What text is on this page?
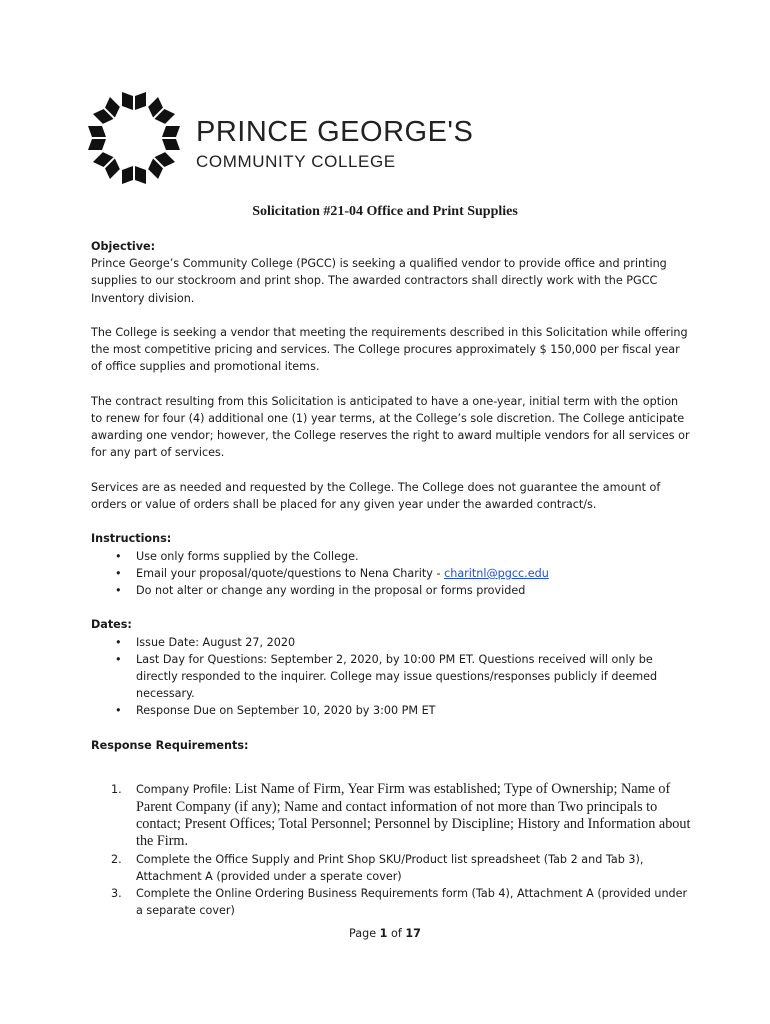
PRINCE GEORGE'S
COMMUNITY COLLEGE
Solicitation #21-04 Office and Print Supplies

Objective:

Prince George’s Community College (PGCC) is seeking a qualified vendor to provide office and printing supplies to our stockroom and print shop. The awarded contractors shall directly work with the PGCC Inventory division.

The College is seeking a vendor that meeting the requirements described in this Solicitation while offering the most competitive pricing and services. The College procures approximately $ 150,000 per fiscal year of office supplies and promotional items.

The contract resulting from this Solicitation is anticipated to have a one-year, initial term with the option to renew for four (4) additional one (1) year terms, at the College’s sole discretion. The College anticipate awarding one vendor; however, the College reserves the right to award multiple vendors for all services or for any part of services.

Services are as needed and requested by the College. The College does not guarantee the amount of orders or value of orders shall be placed for any given year under the awarded contract/s.

Instructions:

• Use only forms supplied by the College.
• Email your proposal/quote/questions to Nena Charity - charitnl@pgcc.edu
• Do not alter or change any wording in the proposal or forms provided

Dates:

• Issue Date: August 27, 2020
• Last Day for Questions: September 2, 2020, by 10:00 PM ET. Questions received will only be directly responded to the inquirer. College may issue questions/responses publicly if deemed necessary.
• Response Due on September 10, 2020 by 3:00 PM ET

Response Requirements:

1. Company Profile: List Name of Firm, Year Firm was established; Type of Ownership; Name of Parent Company (if any); Name and contact information of not more than Two principals to contact; Present Offices; Total Personnel; Personnel by Discipline; History and Information about the Firm.
2. Complete the Office Supply and Print Shop SKU/Product list spreadsheet (Tab 2 and Tab 3), Attachment A (provided under a sperate cover)
3. Complete the Online Ordering Business Requirements form (Tab 4), Attachment A (provided under a separate cover)
Page 1 of 17
